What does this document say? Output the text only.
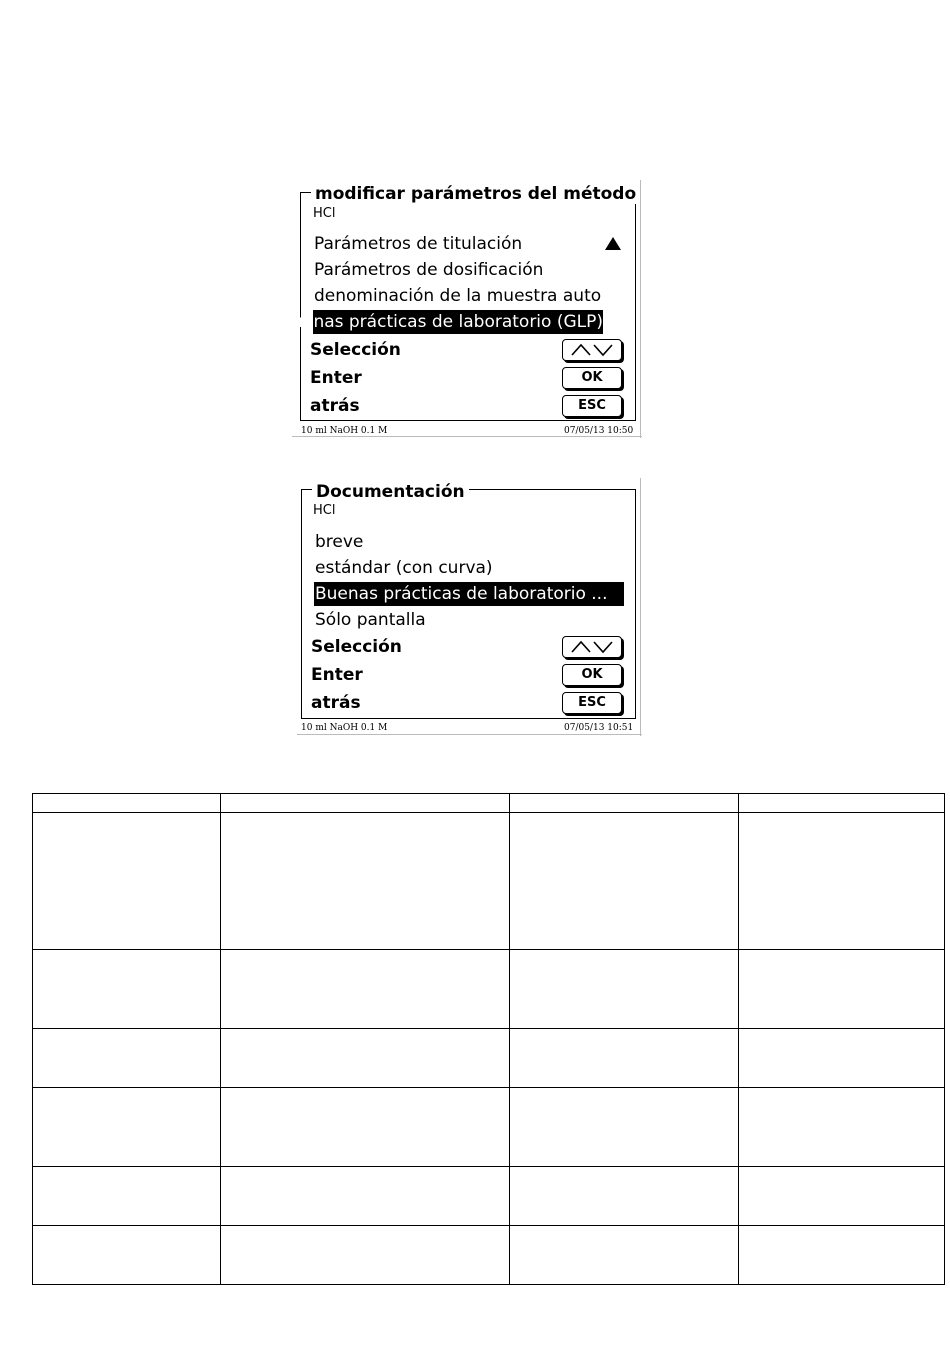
modificar parámetros del método
HCl
Parámetros de titulación
Parámetros de dosificación
denominación de la muestra auto
Buenas prácticas de laboratorio (GLP)
Selección
Enter
atrás
OK
ESC
10 ml NaOH 0.1 M	07/05/13 10:50
Documentación
HCl
breve
estándar (con curva)
Buenas prácticas de laboratorio ...
Sólo pantalla
Selección
Enter
atrás
OK
ESC
10 ml NaOH 0.1 M	07/05/13 10:51
